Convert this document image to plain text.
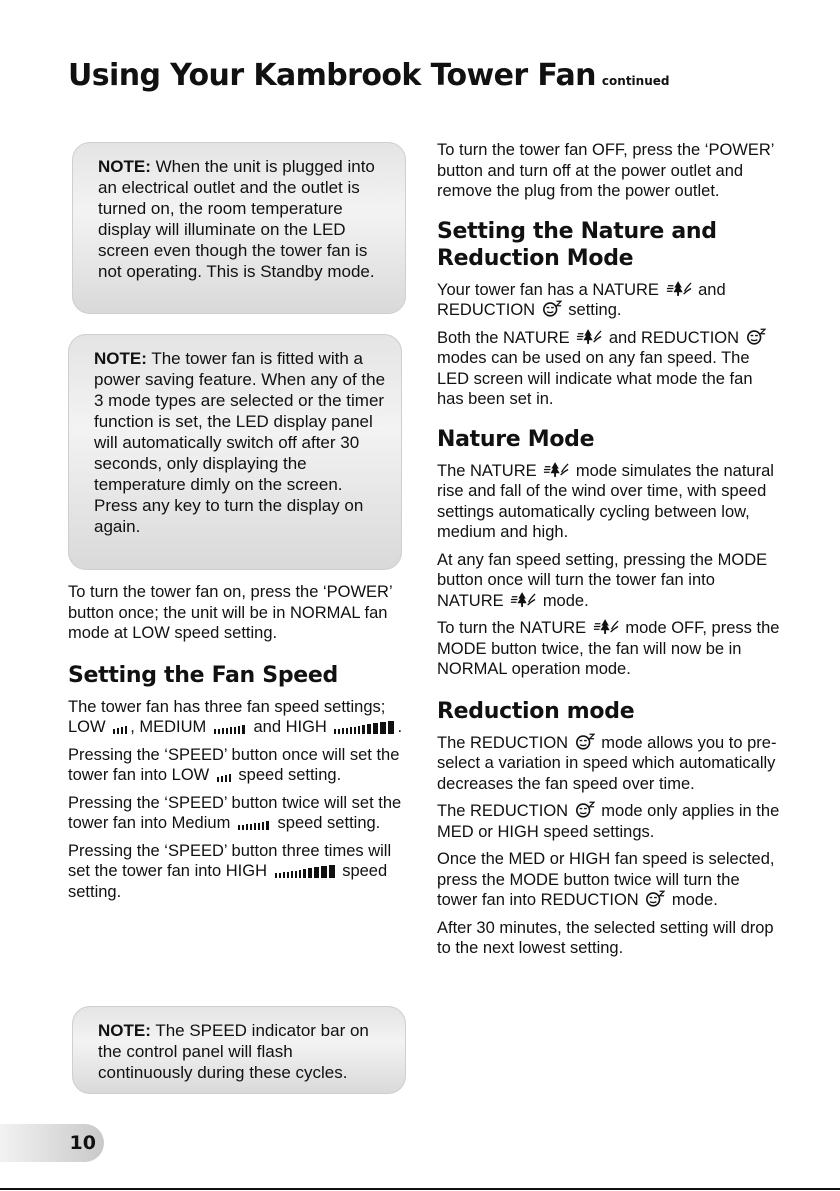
Using Your Kambrook Tower Fan continued
NOTE: When the unit is plugged into an electrical outlet and the outlet is turned on, the room temperature display will illuminate on the LED screen even though the tower fan is not operating. This is Standby mode.
NOTE: The tower fan is fitted with a power saving feature. When any of the 3 mode types are selected or the timer function is set, the LED display panel will automatically switch off after 30 seconds, only displaying the temperature dimly on the screen. Press any key to turn the display on again.
NOTE: The SPEED indicator bar on the control panel will flash continuously during these cycles.

To turn the tower fan on, press the ‘POWER’ button once; the unit will be in NORMAL fan mode at LOW speed setting.

Setting the Fan Speed

The tower fan has three fan speed settings; LOW , MEDIUM	and HIGH	.

Pressing the ‘SPEED’ button once will set the tower fan into LOW speed setting.

Pressing the ‘SPEED’ button twice will set the tower fan into Medium	speed setting.

Pressing the ‘SPEED’ button three times will set the tower fan into HIGH	speed setting.

To turn the tower fan OFF, press the ‘POWER’ button and turn off at the power outlet and remove the plug from the power outlet.

Setting the Nature and Reduction Mode

Your tower fan has a NATURE and REDUCTION setting.

Both the NATURE and REDUCTION  modes can be used on any fan speed. The LED screen will indicate what mode the fan has been set in.

Nature Mode

The NATURE mode simulates the natural rise and fall of the wind over time, with speed settings automatically cycling between low, medium and high.

At any fan speed setting, pressing the MODE button once will turn the tower fan into NATURE mode.

To turn the NATURE mode OFF, press the MODE button twice, the fan will now be in NORMAL operation mode.

Reduction mode

The REDUCTION mode allows you to pre-select a variation in speed which automatically decreases the fan speed over time.

The REDUCTION mode only applies in the MED or HIGH speed settings.

Once the MED or HIGH fan speed is selected, press the MODE button twice will turn the tower fan into REDUCTION mode.

After 30 minutes, the selected setting will drop to the next lowest setting.

10
